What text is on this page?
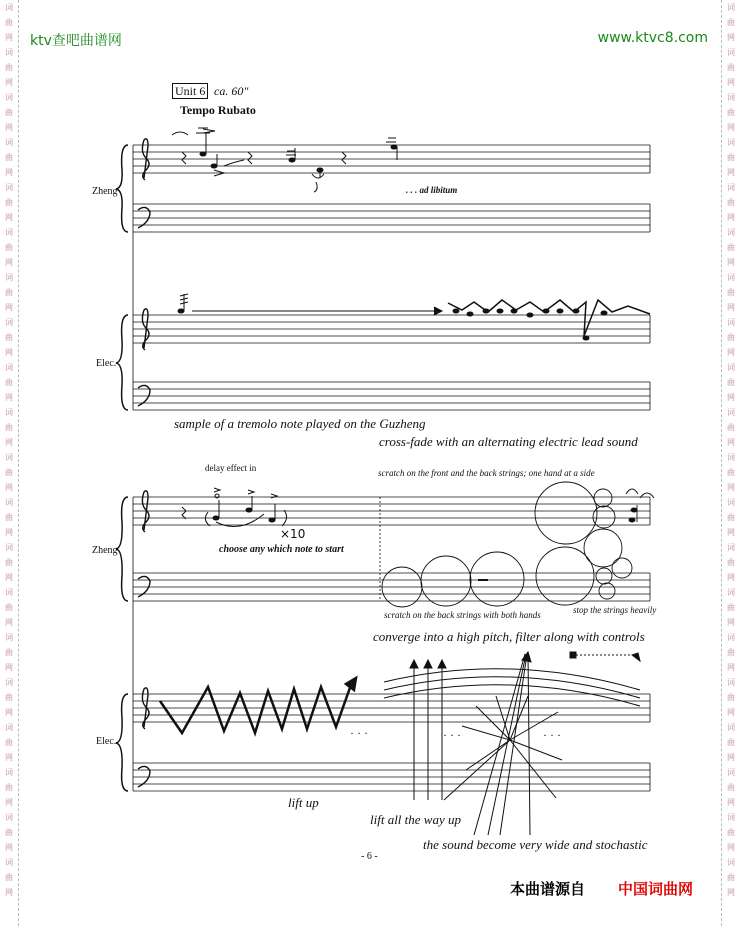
词
曲
网
词
曲
网
词
曲
网
词
曲
网
词
曲
网
词
曲
网
词
曲
网
词
曲
网
词
曲
网
词
曲
网
词
曲
网
词
曲
网
词
曲
网
词
曲
网
词
曲
网
词
曲
网
词
曲
网
词
曲
网
词
曲
网
词
曲
网
词
曲
网
词
曲
网
词
曲
网
词
曲
网
词
曲
网
词
曲
网
词
曲
网
词
曲
网
词
曲
网
词
曲
网
词
曲
网
词
曲
网
词
曲
网
词
曲
网
词
曲
网
词
曲
网
词
曲
网
词
曲
网
词
曲
网
词
曲
网
ktv查吧曲谱网	www.ktvc8.com
Unit 6 ca. 60"
Tempo Rubato
Zheng
Elec.
. . . ad libitum
sample of a tremolo note played on the Guzheng
cross-fade with an alternating electric lead sound
delay effect in
×10
choose any which note to start
scratch on the front and the back strings; one hand at a side
Zheng
scratch on the back strings with both hands	stop the strings heavily
converge into a high pitch, filter along with controls
Elec.
· · ·	· · ·	· · ·
lift up
lift all the way up
the sound become very wide and stochastic
- 6 -
本曲谱源自 中国词曲网
